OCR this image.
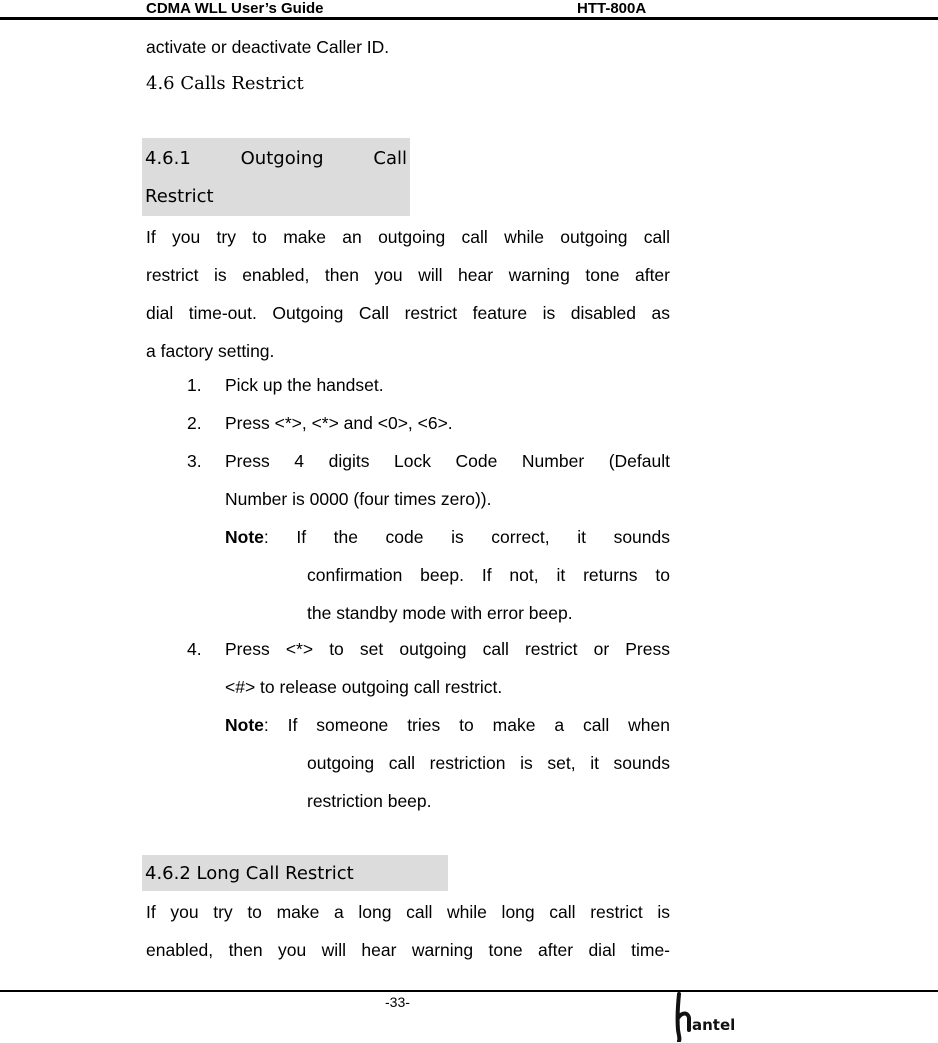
CDMA WLL User’s Guide	HTT-800A
activate or deactivate Caller ID.
4.6 Calls Restrict
4.6.1	Outgoing	Call
Restrict
If you try to make an outgoing call while outgoing call
restrict is enabled, then you will hear warning tone after
dial time-out. Outgoing Call restrict feature is disabled as
a factory setting.
1. Pick up the handset.
2. Press <*>, <*> and <0>, <6>.
3. Press 4 digits Lock Code Number (Default
Number is 0000 (four times zero)).
Note: If the code is correct, it sounds
confirmation beep. If not, it returns to
the standby mode with error beep.
4. Press <*> to set outgoing call restrict or Press
<#> to release outgoing call restrict.
Note: If someone tries to make a call when
outgoing call restriction is set, it sounds
restriction beep.
4.6.2 Long Call Restrict
If you try to make a long call while long call restrict is
enabled, then you will hear warning tone after dial time-
-33-
antel
